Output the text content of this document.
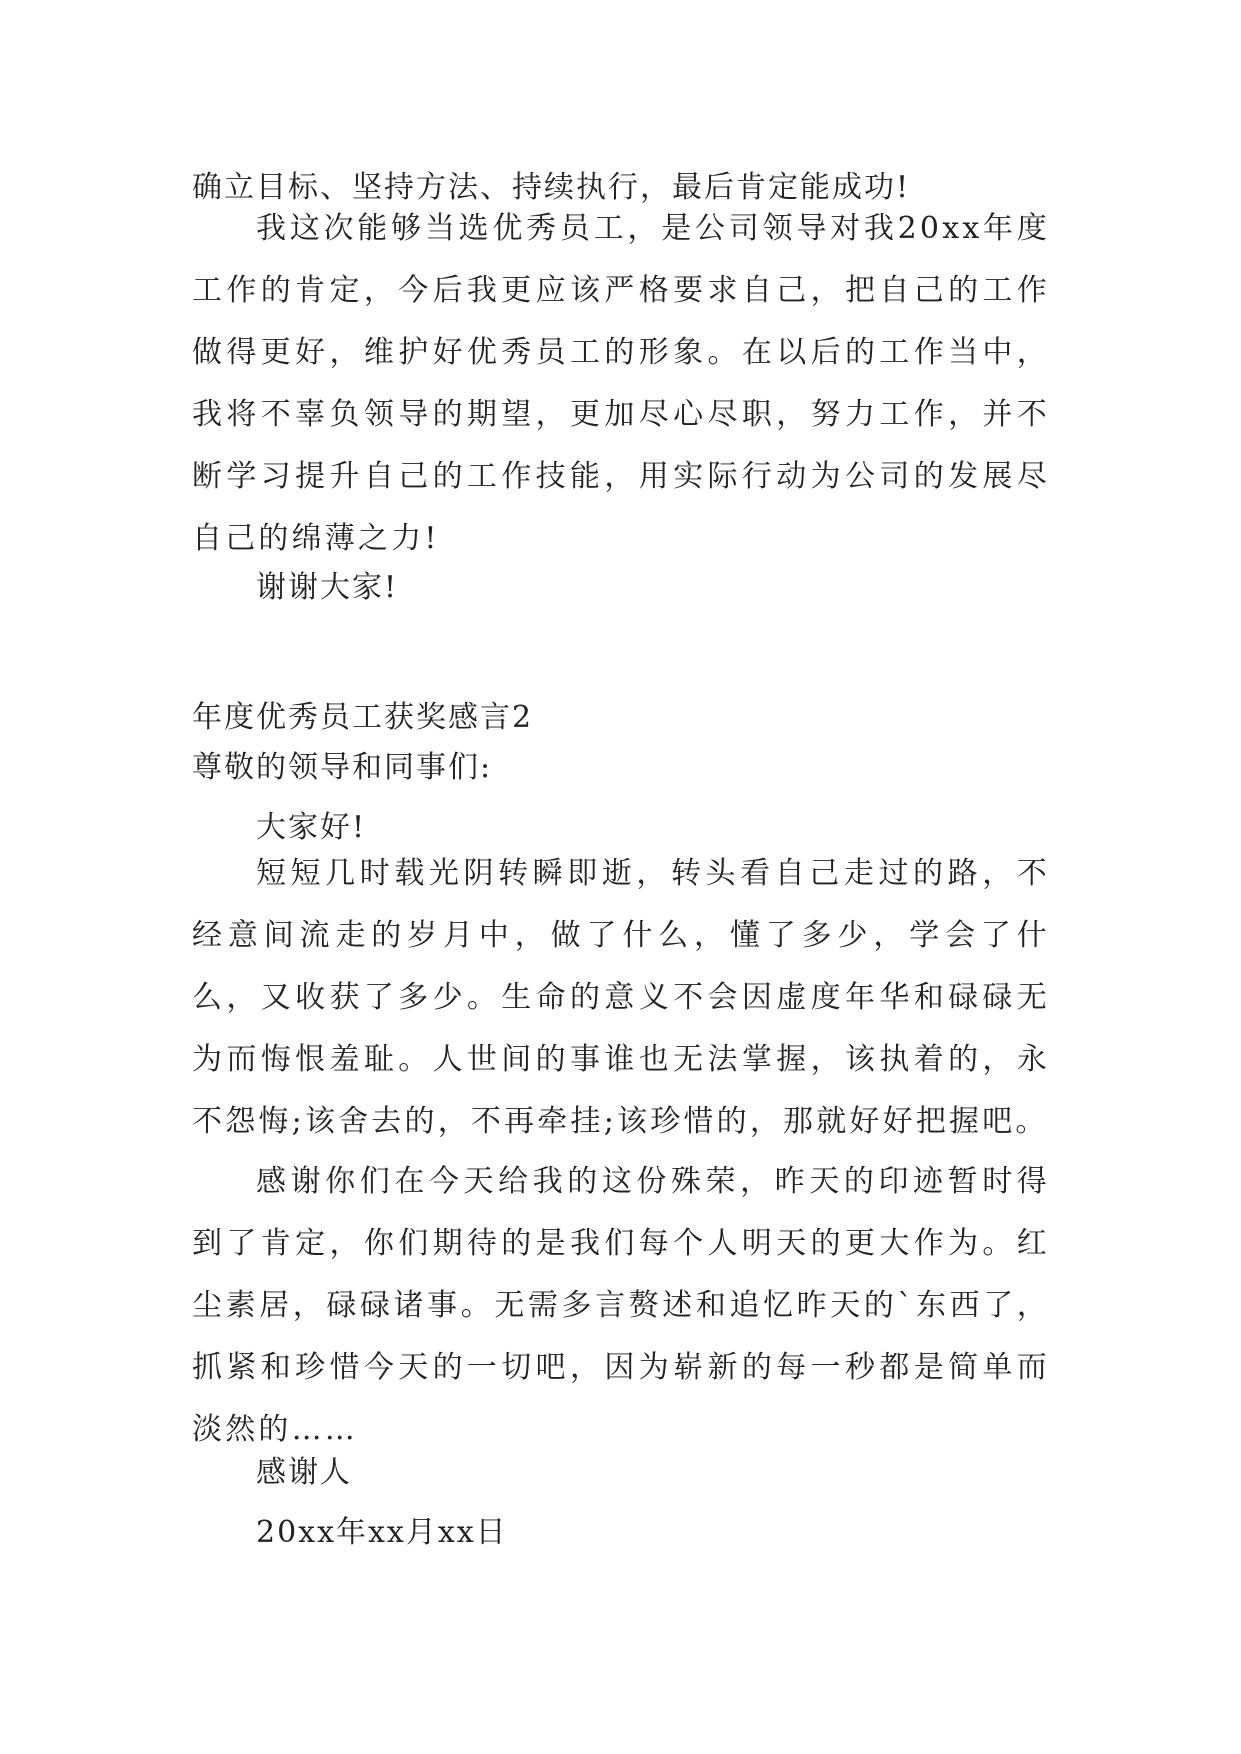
确立目标、坚持方法、持续执行，最后肯定能成功!
我这次能够当选优秀员工，是公司领导对我20xx年度工作的肯定，今后我更应该严格要求自己，把自己的工作做得更好，维护好优秀员工的形象。在以后的工作当中，我将不辜负领导的期望，更加尽心尽职，努力工作，并不断学习提升自己的工作技能，用实际行动为公司的发展尽自己的绵薄之力!
谢谢大家!
年度优秀员工获奖感言2
尊敬的领导和同事们:
大家好!
短短几时载光阴转瞬即逝，转头看自己走过的路，不经意间流走的岁月中，做了什么，懂了多少，学会了什么，又收获了多少。生命的意义不会因虚度年华和碌碌无为而悔恨羞耻。人世间的事谁也无法掌握，该执着的，永不怨悔;该舍去的，不再牵挂;该珍惜的，那就好好把握吧。
感谢你们在今天给我的这份殊荣，昨天的印迹暂时得到了肯定，你们期待的是我们每个人明天的更大作为。红尘素居，碌碌诸事。无需多言赘述和追忆昨天的`东西了，抓紧和珍惜今天的一切吧，因为崭新的每一秒都是简单而淡然的……
感谢人
20xx年xx月xx日
